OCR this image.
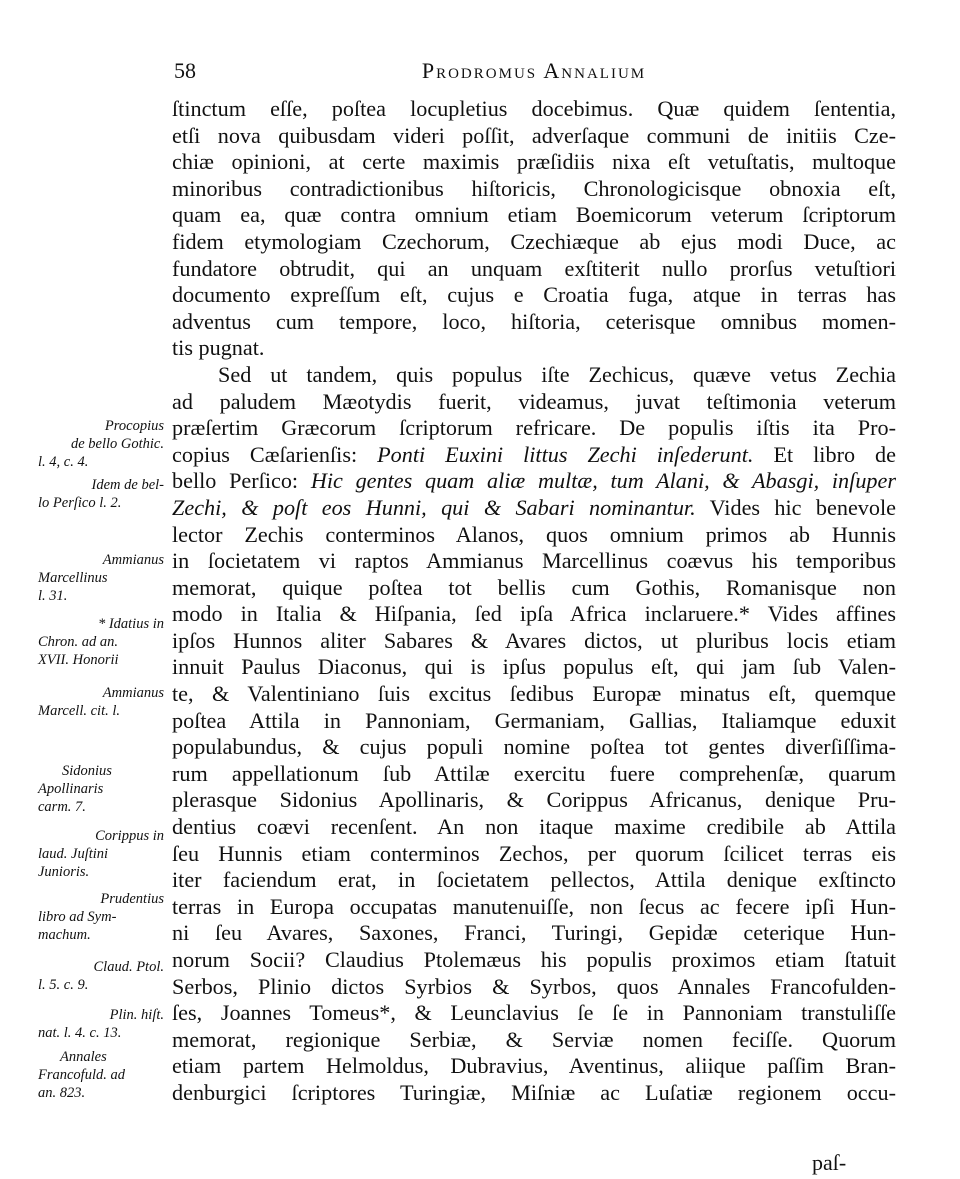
58	Prodromus Annalium
ſtinctum eſſe, poſtea locupletius docebimus. Quæ quidem ſententia,
etſi nova quibusdam videri poſſit, adverſaque communi de initiis Cze-
chiæ opinioni, at certe maximis præſidiis nixa eſt vetuſtatis, multoque
minoribus contradictionibus hiſtoricis, Chronologicisque obnoxia eſt,
quam ea, quæ contra omnium etiam Boemicorum veterum ſcriptorum
fidem etymologiam Czechorum, Czechiæque ab ejus modi Duce, ac
fundatore obtrudit, qui an unquam exſtiterit nullo prorſus vetuſtiori
documento expreſſum eſt, cujus e Croatia fuga, atque in terras has
adventus cum tempore, loco, hiſtoria, ceterisque omnibus momen-
tis pugnat.
Sed ut tandem, quis populus iſte Zechicus, quæve vetus Zechia
ad paludem Mæotydis fuerit, videamus, juvat teſtimonia veterum
præſertim Græcorum ſcriptorum refricare. De populis iſtis ita Pro-
copius Cæſarienſis: Ponti Euxini littus Zechi inſederunt. Et libro de
bello Perſico: Hic gentes quam aliæ multæ, tum Alani, & Abasgi, inſuper
Zechi, & poſt eos Hunni, qui & Sabari nominantur. Vides hic benevole
lector Zechis conterminos Alanos, quos omnium primos ab Hunnis
in ſocietatem vi raptos Ammianus Marcellinus coævus his temporibus
memorat, quique poſtea tot bellis cum Gothis, Romanisque non
modo in Italia & Hiſpania, ſed ipſa Africa inclaruere.* Vides affines
ipſos Hunnos aliter Sabares & Avares dictos, ut pluribus locis etiam
innuit Paulus Diaconus, qui is ipſus populus eſt, qui jam ſub Valen-
te, & Valentiniano ſuis excitus ſedibus Europæ minatus eſt, quemque
poſtea Attila in Pannoniam, Germaniam, Gallias, Italiamque eduxit
populabundus, & cujus populi nomine poſtea tot gentes diverſiſſima-
rum appellationum ſub Attilæ exercitu fuere comprehenſæ, quarum
plerasque Sidonius Apollinaris, & Corippus Africanus, denique Pru-
dentius coævi recenſent. An non itaque maxime credibile ab Attila
ſeu Hunnis etiam conterminos Zechos, per quorum ſcilicet terras eis
iter faciendum erat, in ſocietatem pellectos, Attila denique exſtincto
terras in Europa occupatas manutenuiſſe, non ſecus ac fecere ipſi Hun-
ni ſeu Avares, Saxones, Franci, Turingi, Gepidæ ceterique Hun-
norum Socii? Claudius Ptolemæus his populis proximos etiam ſtatuit
Serbos, Plinio dictos Syrbios & Syrbos, quos Annales Francofulden-
ſes, Joannes Tomeus*, & Leunclavius ſe ſe in Pannoniam transtuliſſe
memorat, regionique Serbiæ, & Serviæ nomen feciſſe. Quorum
etiam partem Helmoldus, Dubravius, Aventinus, aliique paſſim Bran-
denburgici ſcriptores Turingiæ, Miſniæ ac Luſatiæ regionem occu-
Procopius
de bello Gothic.
l. 4, c. 4.
Idem de bel-
lo Perſico l. 2.
Ammianus
Marcellinus
l. 31.
* Idatius in
Chron. ad an.
XVII. Honorii
Ammianus
Marcell. cit. l.
Sidonius
Apollinaris
carm. 7.
Corippus in
laud. Juſtini
Junioris.
Prudentius
libro ad Sym-
machum.
Claud. Ptol.
l. 5. c. 9.
Plin. hiſt.
nat. l. 4. c. 13.
Annales
Francofuld. ad
an. 823.
paſ-
